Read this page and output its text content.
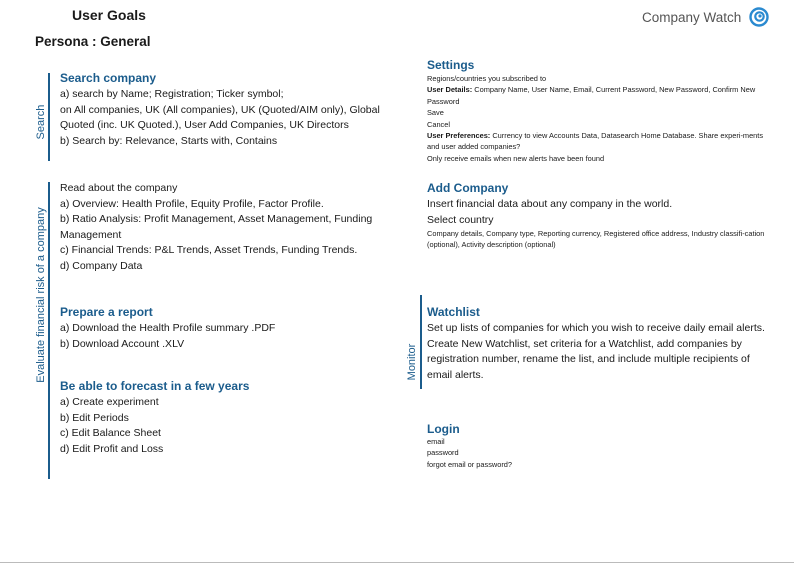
User Goals
Persona : General
Company Watch
Search
Evaluate financial risk of a company
Search company
a) search by Name; Registration; Ticker symbol;
on All companies, UK (All companies), UK (Quoted/AIM only), Global
Quoted (inc. UK Quoted.), User Add Companies, UK Directors
b) Search by: Relevance, Starts with, Contains
Read about the company
a) Overview: Health Profile, Equity Profile, Factor Profile.
b) Ratio Analysis: Profit Management, Asset Management, Funding
Management
c) Financial Trends: P&L Trends, Asset Trends, Funding Trends.
d) Company Data
Prepare a report
a) Download the Health Profile summary .PDF
b) Download Account .XLV
Be able to forecast in a few years
a) Create experiment
b) Edit Periods
c) Edit Balance Sheet
d) Edit Profit and Loss
Settings
Regions/countries you subscribed to
User Details: Company Name, User Name, Email, Current Password, New Password, Confirm New Password
Save
Cancel
User Preferences: Currency to view Accounts Data, Datasearch Home Database. Share experi-ments and user added companies?
Only receive emails when new alerts have been found
Add Company
Insert financial data about any company in the world.
Select country
Company details, Company type, Reporting currency, Registered office address, Industry classifi-cation (optional), Activity description (optional)
Monitor
Watchlist
Set up lists of companies for which you wish to receive daily email alerts. Create New Watchlist, set criteria for a Watchlist, add companies by registration number, rename the list, and include multiple recipients of email alerts.
Login
email
password
forgot email or password?
